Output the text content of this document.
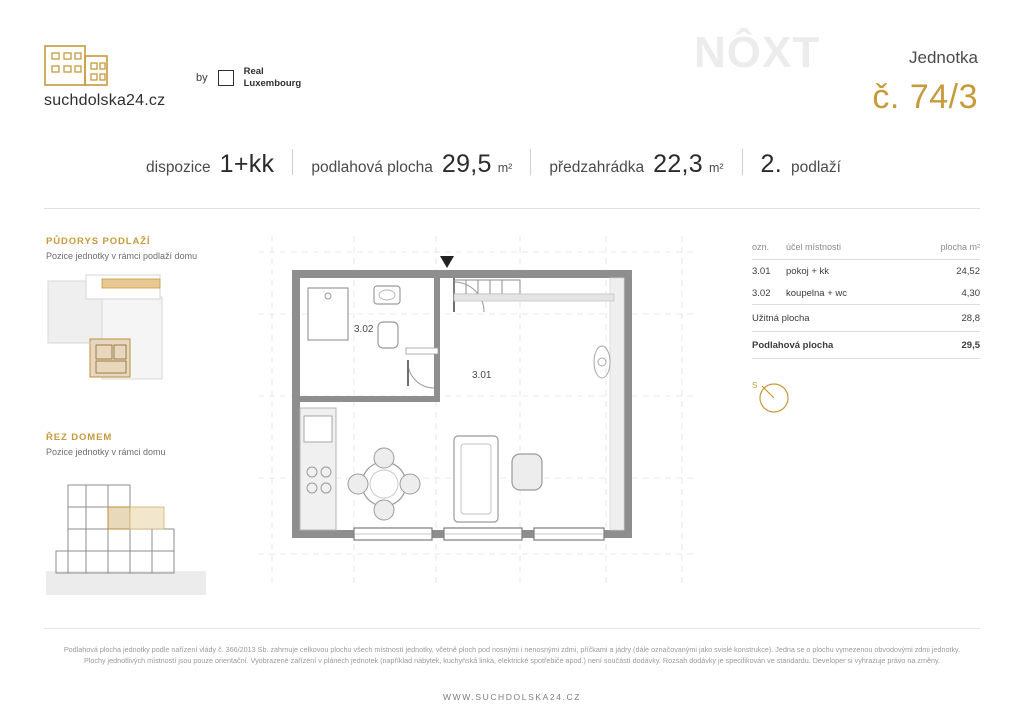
suchdolska24.cz
by	Real
Luxembourg
NÔXT	Jednotka
č. 74/3
dispozice 1+kk podlahová plocha 29,5 m² předzahrádka 22,3 m² 2. podlaží
PŮDORYS PODLAŽÍ
Pozice jednotky v rámci podlaží domu
ŘEZ DOMEM
Pozice jednotky v rámci domu
3.02
3.01
ozn.	účel místnosti	plocha m²
3.01	pokoj + kk	24,52
3.02	koupelna + wc	4,30
Užitná plocha	28,8
Podlahová plocha	29,5
S
Podlahová plocha jednotky podle nařízení vlády č. 366/2013 Sb. zahrnuje celkovou plochu všech místností jednotky, včetně ploch pod nosnými i nenosnými zdmi, příčkami a jádry (dále označovanými jako svislé konstrukce). Jedna se o plochu vymezenou obvodovými zdmi jednotky. Plochy jednotlivých místností jsou pouze orientační. Vyobrazené zařízení v plánech jednotek (například nábytek, kuchyňská linka, elektrické spotřebiče apod.) není součástí dodávky. Rozsah dodávky je specifikován ve standardu. Developer si vyhrazuje právo na změny.
WWW.SUCHDOLSKA24.CZ
